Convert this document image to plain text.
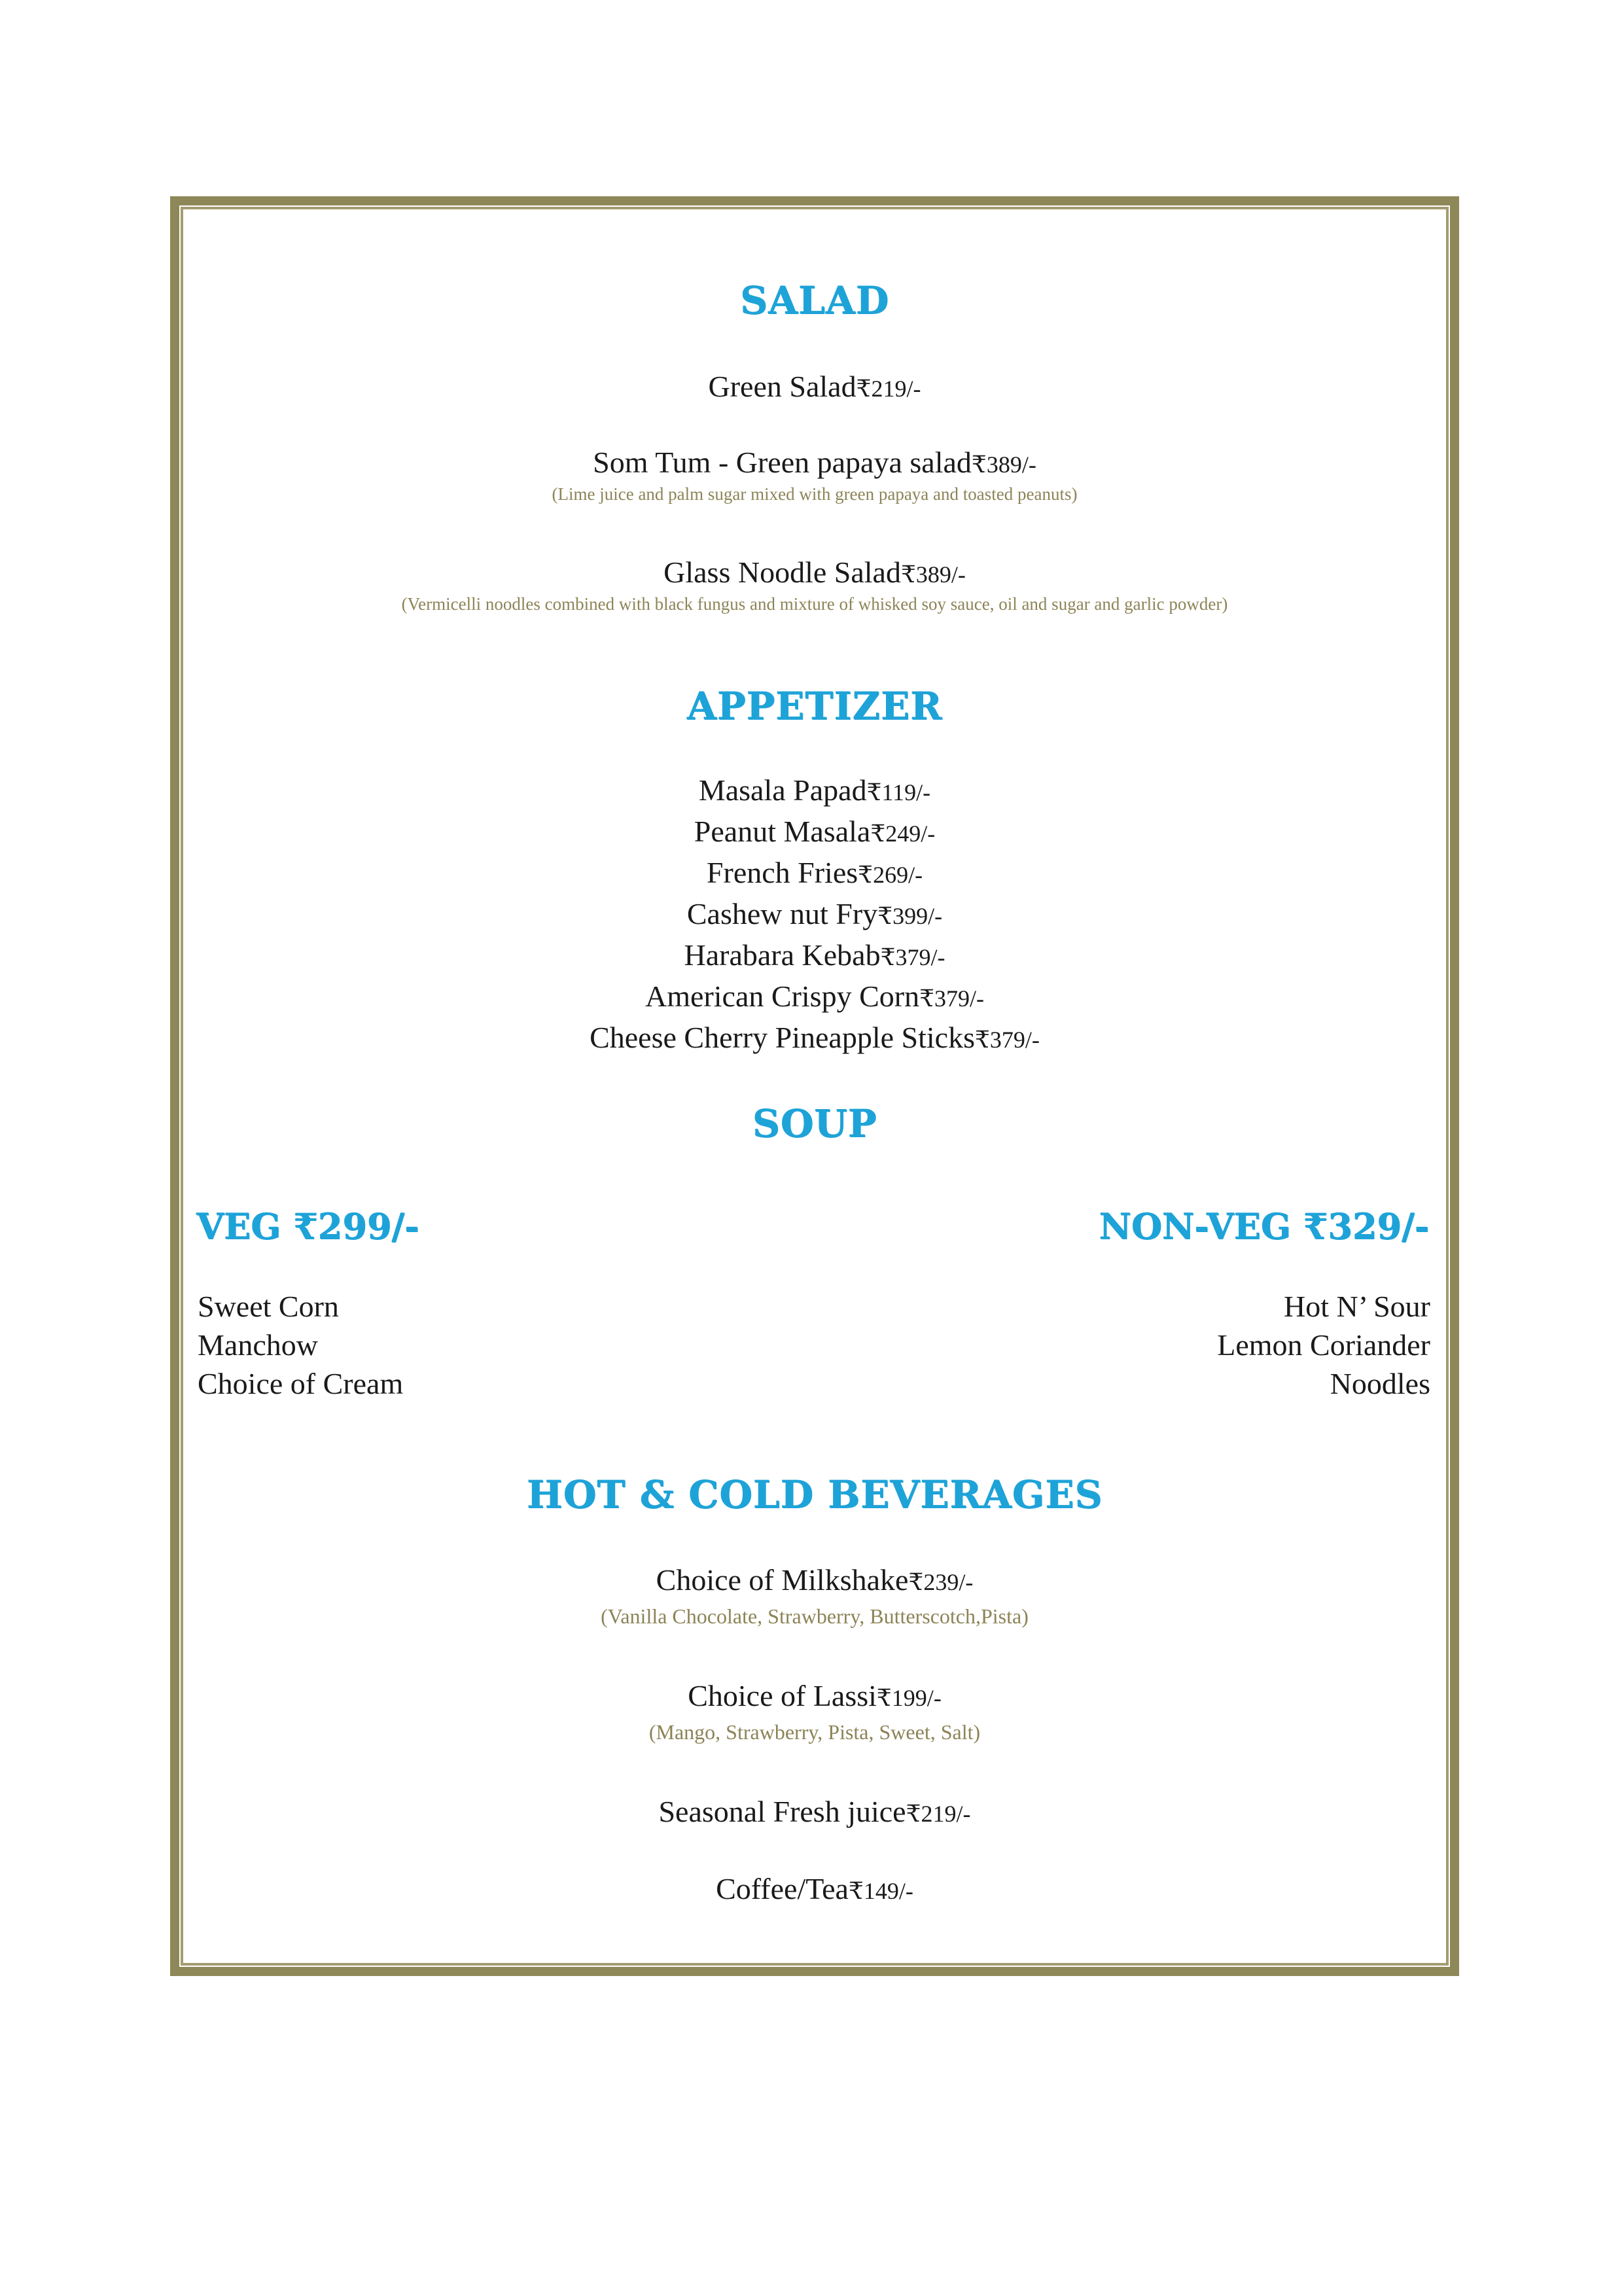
SALAD
Green Salad₹219/-
Som Tum - Green papaya salad₹389/-
(Lime juice and palm sugar mixed with green papaya and toasted peanuts)
Glass Noodle Salad₹389/-
(Vermicelli noodles combined with black fungus and mixture of whisked soy sauce, oil and sugar and garlic powder)
APPETIZER
Masala Papad₹119/-
Peanut Masala₹249/-
French Fries₹269/-
Cashew nut Fry₹399/-
Harabara Kebab₹379/-
American Crispy Corn₹379/-
Cheese Cherry Pineapple Sticks₹379/-
SOUP
VEG ₹299/-	NON-VEG ₹329/-
Sweet Corn
Manchow
Choice of Cream
Hot N’ Sour
Lemon Coriander
Noodles
HOT & COLD BEVERAGES
Choice of Milkshake₹239/-
(Vanilla Chocolate, Strawberry, Butterscotch,Pista)
Choice of Lassi₹199/-
(Mango, Strawberry, Pista, Sweet, Salt)
Seasonal Fresh juice₹219/-
Coffee/Tea₹149/-
